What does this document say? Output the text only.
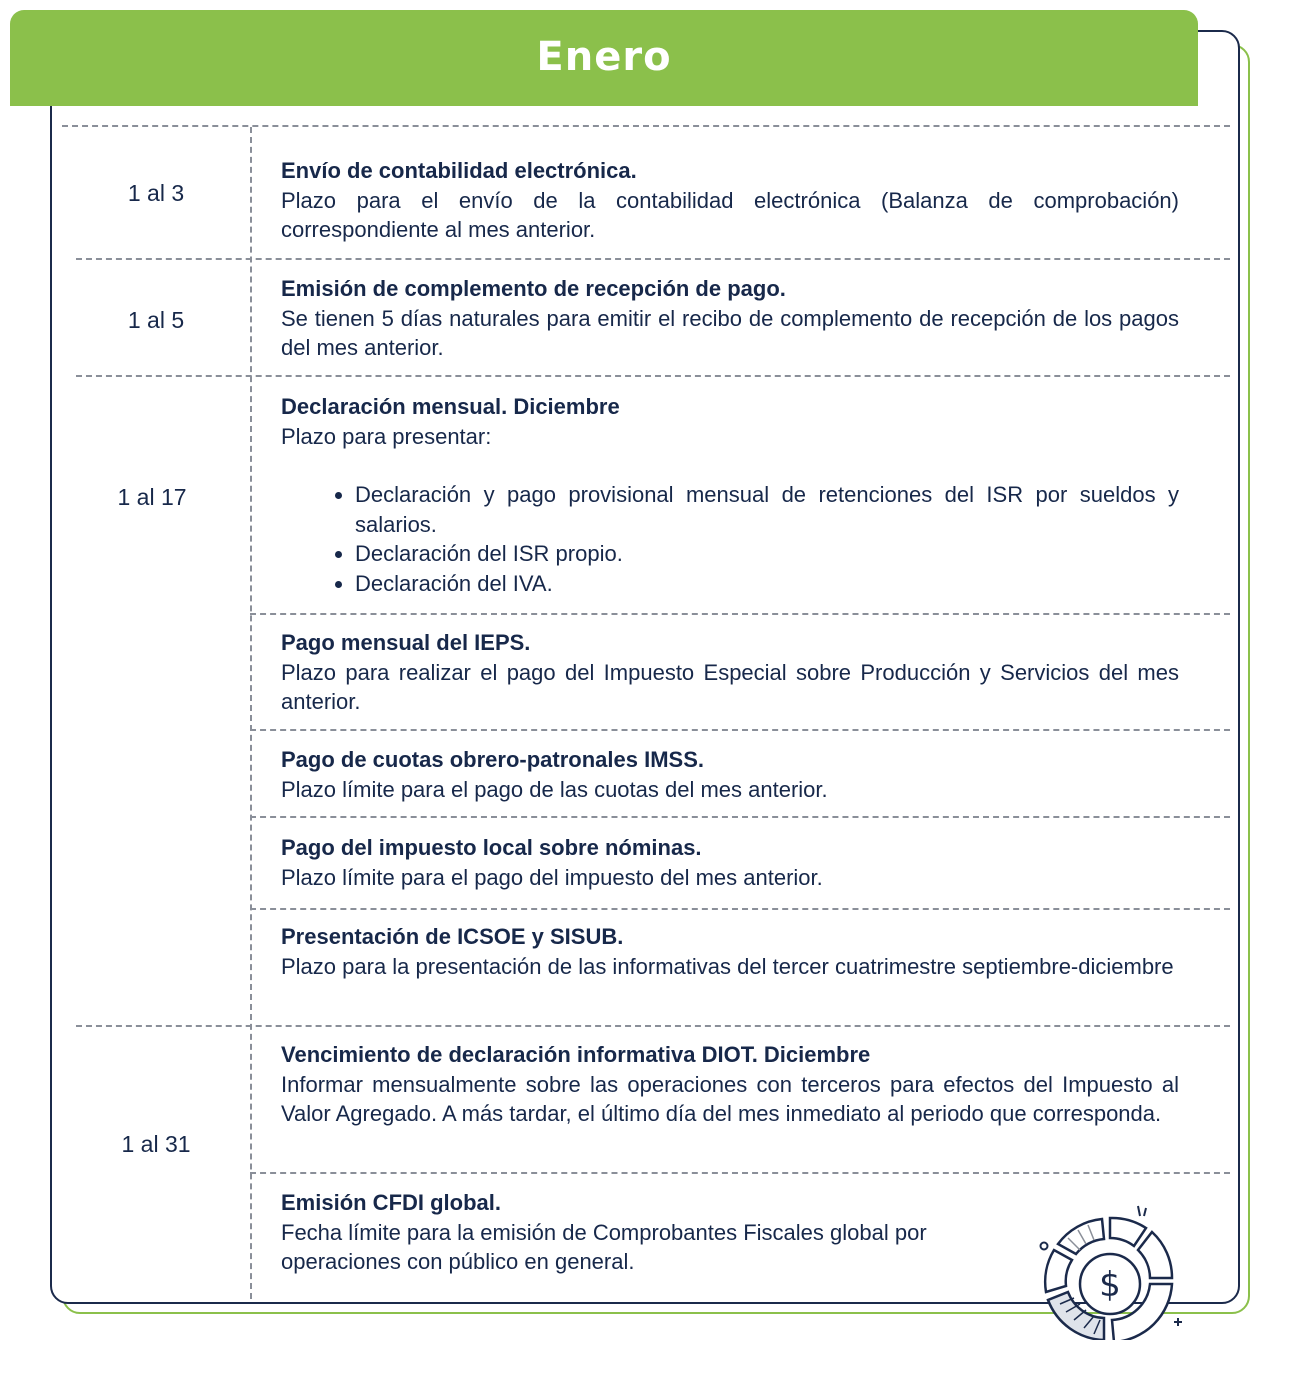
Enero
1 al 3
1 al 5
1 al 17
1 al 31
Envío de contabilidad electrónica.
Plazo para el envío de la contabilidad electrónica (Balanza de comprobación) correspondiente al mes anterior.
Emisión de complemento de recepción de pago.
Se tienen 5 días naturales para emitir el recibo de complemento de recepción de los pagos del mes anterior.
Declaración mensual. Diciembre
Plazo para presentar:
• Declaración y pago provisional mensual de retenciones del ISR por sueldos y salarios.
• Declaración del ISR propio.
• Declaración del IVA.
Pago mensual del IEPS.
Plazo para realizar el pago del Impuesto Especial sobre Producción y Servicios del mes anterior.
Pago de cuotas obrero-patronales IMSS.
Plazo límite para el pago de las cuotas del mes anterior.
Pago del impuesto local sobre nóminas.
Plazo límite para el pago del impuesto del mes anterior.
Presentación de ICSOE y SISUB.
Plazo para la presentación de las informativas del tercer cuatrimestre septiembre-diciembre
Vencimiento de declaración informativa DIOT. Diciembre
Informar mensualmente sobre las operaciones con terceros para efectos del Impuesto al Valor Agregado. A más tardar, el último día del mes inmediato al periodo que corresponda.
Emisión CFDI global.
Fecha límite para la emisión de Comprobantes Fiscales global por operaciones con público en general.
$
